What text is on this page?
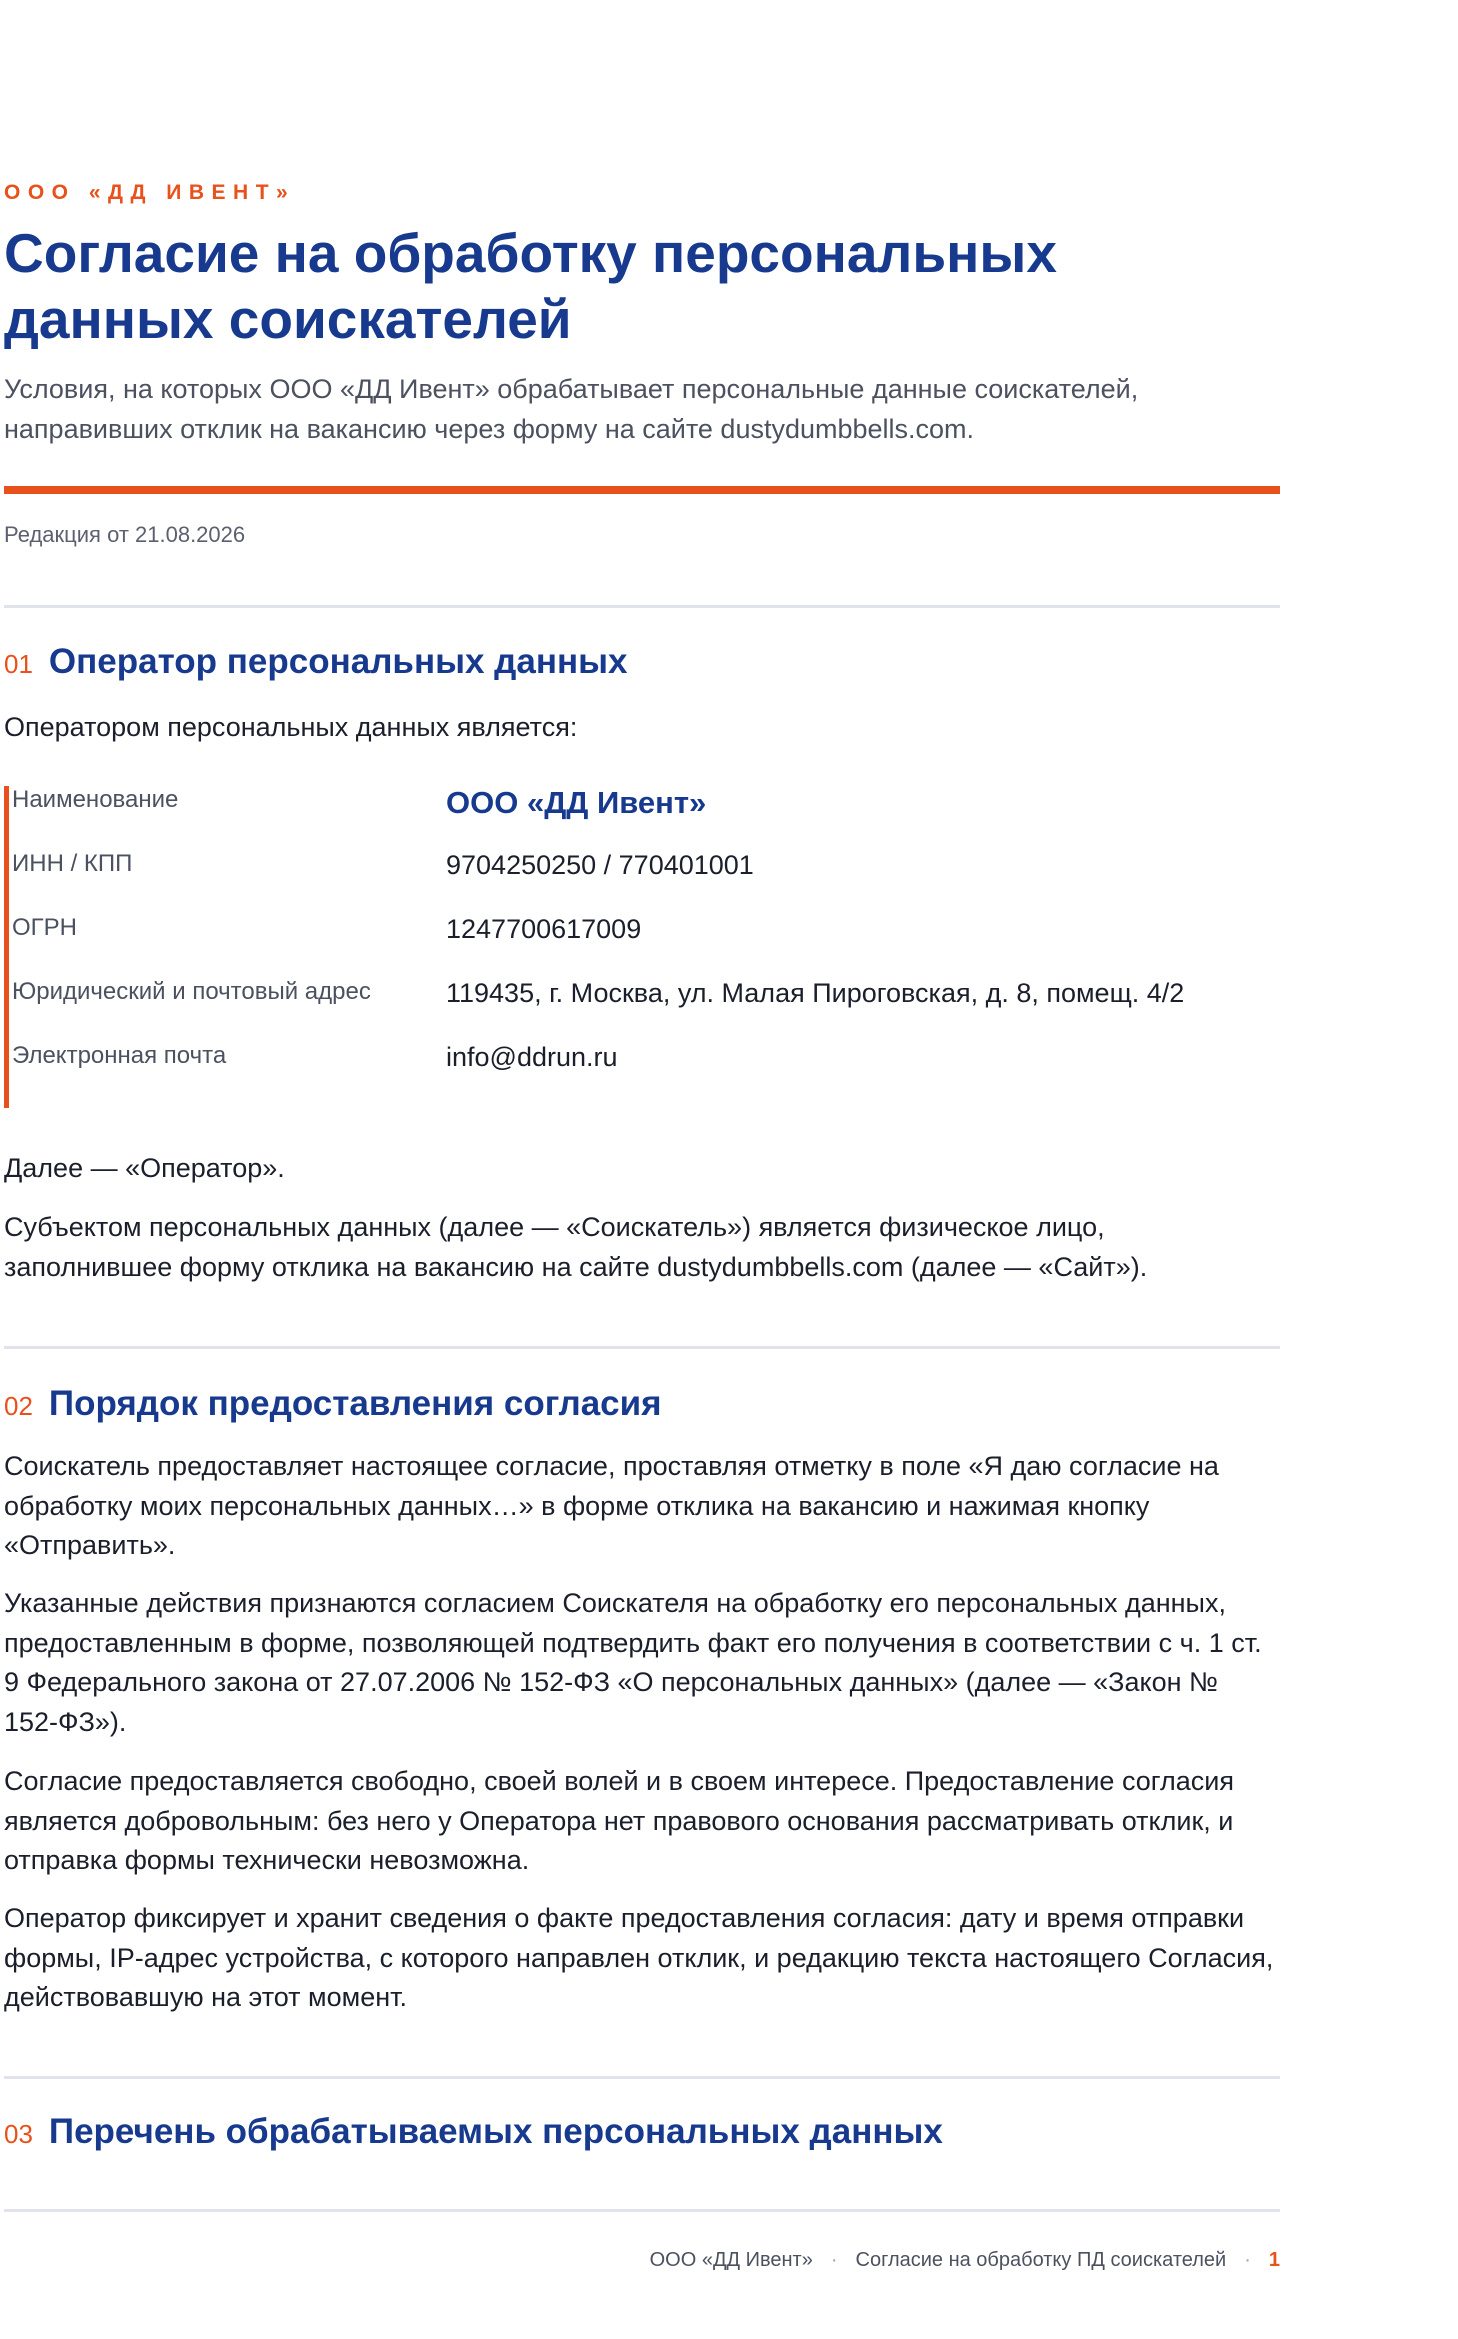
ООО «ДД ИВЕНТ»
Согласие на обработку персональных данных соискателей

Условия, на которых ООО «ДД Ивент» обрабатывает персональные данные соискателей, направивших отклик на вакансию через форму на сайте dustydumbbells.com.

Редакция от 21.08.2026
01 Оператор персональных данных

Оператором персональных данных является:

Наименование	ООО «ДД Ивент»
ИНН / КПП	9704250250 / 770401001
ОГРН	1247700617009
Юридический и почтовый адрес	119435, г. Москва, ул. Малая Пироговская, д. 8, помещ. 4/2
Электронная почта	info@ddrun.ru

Далее — «Оператор».

Субъектом персональных данных (далее — «Соискатель») является физическое лицо, заполнившее форму отклика на вакансию на сайте dustydumbbells.com (далее — «Сайт»).

02 Порядок предоставления согласия

Соискатель предоставляет настоящее согласие, проставляя отметку в поле «Я даю согласие на обработку моих персональных данных…» в форме отклика на вакансию и нажимая кнопку «Отправить».

Указанные действия признаются согласием Соискателя на обработку его персональных данных, предоставленным в форме, позволяющей подтвердить факт его получения в соответствии с ч. 1 ст. 9 Федерального закона от 27.07.2006 № 152-ФЗ «О персональных данных» (далее — «Закон № 152-ФЗ»).

Согласие предоставляется свободно, своей волей и в своем интересе. Предоставление согласия является добровольным: без него у Оператора нет правового основания рассматривать отклик, и отправка формы технически невозможна.

Оператор фиксирует и хранит сведения о факте предоставления согласия: дату и время отправки формы, IP-адрес устройства, с которого направлен отклик, и редакцию текста настоящего Согласия, действовавшую на этот момент.

03 Перечень обрабатываемых персональных данных
ООО «ДД Ивент» · Согласие на обработку ПД соискателей · 1
